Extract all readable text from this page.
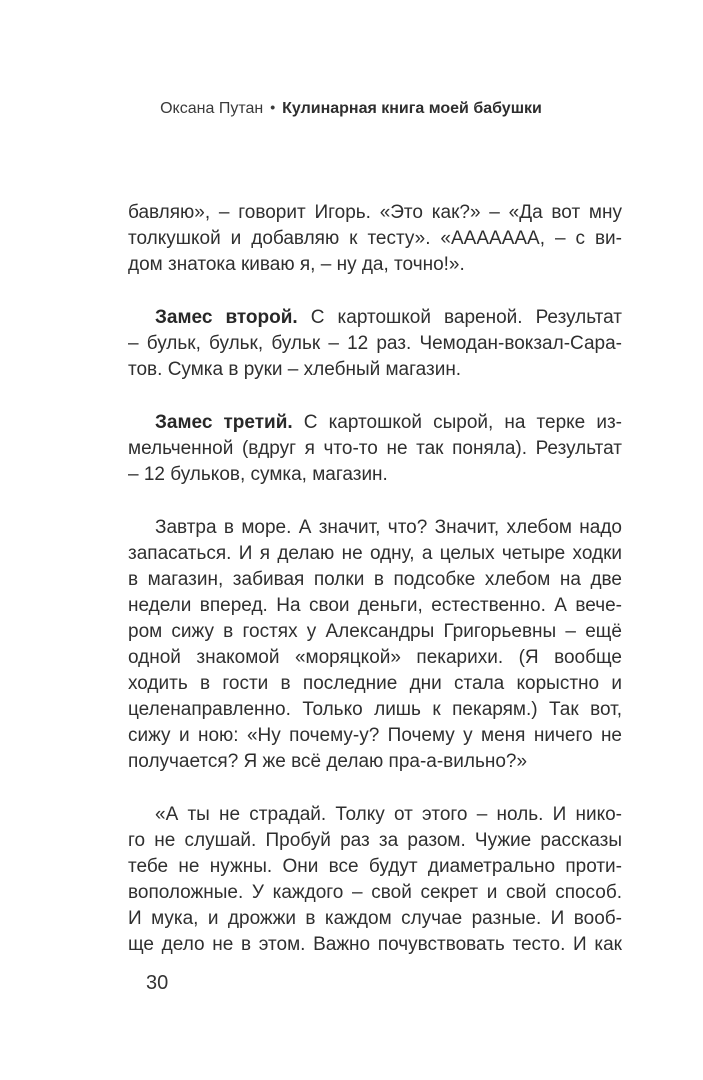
Оксана Путан • Кулинарная книга моей бабушки
бавляю», – говорит Игорь. «Это как?» – «Да вот мну
толкушкой и добавляю к тесту». «ААААААА, – с ви-
дом знатока киваю я, – ну да, точно!».
Замес второй. С картошкой вареной. Результат
– бульк, бульк, бульк – 12 раз. Чемодан-вокзал-Сара-
тов. Сумка в руки – хлебный магазин.
Замес третий. С картошкой сырой, на терке из-
мельченной (вдруг я что-то не так поняла). Результат
– 12 бульков, сумка, магазин.
Завтра в море. А значит, что? Значит, хлебом надо
запасаться. И я делаю не одну, а целых четыре ходки
в магазин, забивая полки в подсобке хлебом на две
недели вперед. На свои деньги, естественно. А вече-
ром сижу в гостях у Александры Григорьевны – ещё
одной знакомой «моряцкой» пекарихи. (Я вообще
ходить в гости в последние дни стала корыстно и
целенаправленно. Только лишь к пекарям.) Так вот,
сижу и ною: «Ну почему-у? Почему у меня ничего не
получается? Я же всё делаю пра-а-вильно?»
«А ты не страдай. Толку от этого – ноль. И нико-
го не слушай. Пробуй раз за разом. Чужие рассказы
тебе не нужны. Они все будут диаметрально проти-
воположные. У каждого – свой секрет и свой способ.
И мука, и дрожжи в каждом случае разные. И вооб-
ще дело не в этом. Важно почувствовать тесто. И как
30
